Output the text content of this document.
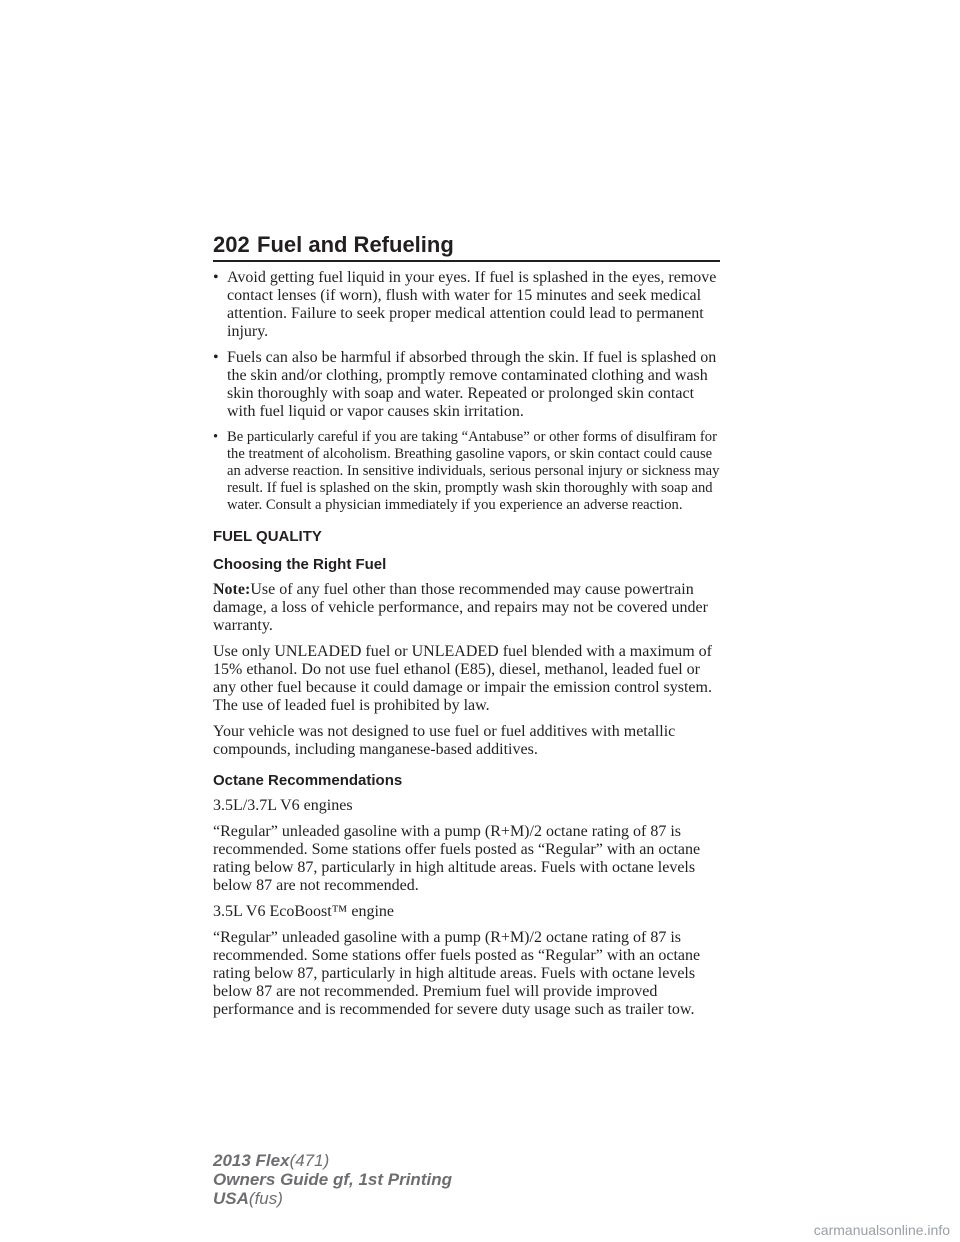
202 Fuel and Refueling
• Avoid getting fuel liquid in your eyes. If fuel is splashed in the eyes, remove contact lenses (if worn), flush with water for 15 minutes and seek medical attention. Failure to seek proper medical attention could lead to permanent injury.
• Fuels can also be harmful if absorbed through the skin. If fuel is splashed on the skin and/or clothing, promptly remove contaminated clothing and wash skin thoroughly with soap and water. Repeated or prolonged skin contact with fuel liquid or vapor causes skin irritation.
• Be particularly careful if you are taking “Antabuse” or other forms of disulfiram for the treatment of alcoholism. Breathing gasoline vapors, or skin contact could cause an adverse reaction. In sensitive individuals, serious personal injury or sickness may result. If fuel is splashed on the skin, promptly wash skin thoroughly with soap and water. Consult a physician immediately if you experience an adverse reaction.
FUEL QUALITY
Choosing the Right Fuel

Note:Use of any fuel other than those recommended may cause powertrain damage, a loss of vehicle performance, and repairs may not be covered under warranty.

Use only UNLEADED fuel or UNLEADED fuel blended with a maximum of 15% ethanol. Do not use fuel ethanol (E85), diesel, methanol, leaded fuel or any other fuel because it could damage or impair the emission control system. The use of leaded fuel is prohibited by law.

Your vehicle was not designed to use fuel or fuel additives with metallic compounds, including manganese-based additives.

Octane Recommendations

3.5L/3.7L V6 engines

“Regular” unleaded gasoline with a pump (R+M)/2 octane rating of 87 is recommended. Some stations offer fuels posted as “Regular” with an octane rating below 87, particularly in high altitude areas. Fuels with octane levels below 87 are not recommended.

3.5L V6 EcoBoost™ engine

“Regular” unleaded gasoline with a pump (R+M)/2 octane rating of 87 is recommended. Some stations offer fuels posted as “Regular” with an octane rating below 87, particularly in high altitude areas. Fuels with octane levels below 87 are not recommended. Premium fuel will provide improved performance and is recommended for severe duty usage such as trailer tow.

2013 Flex(471)
Owners Guide gf, 1st Printing
USA(fus)
carmanualsonline.info
